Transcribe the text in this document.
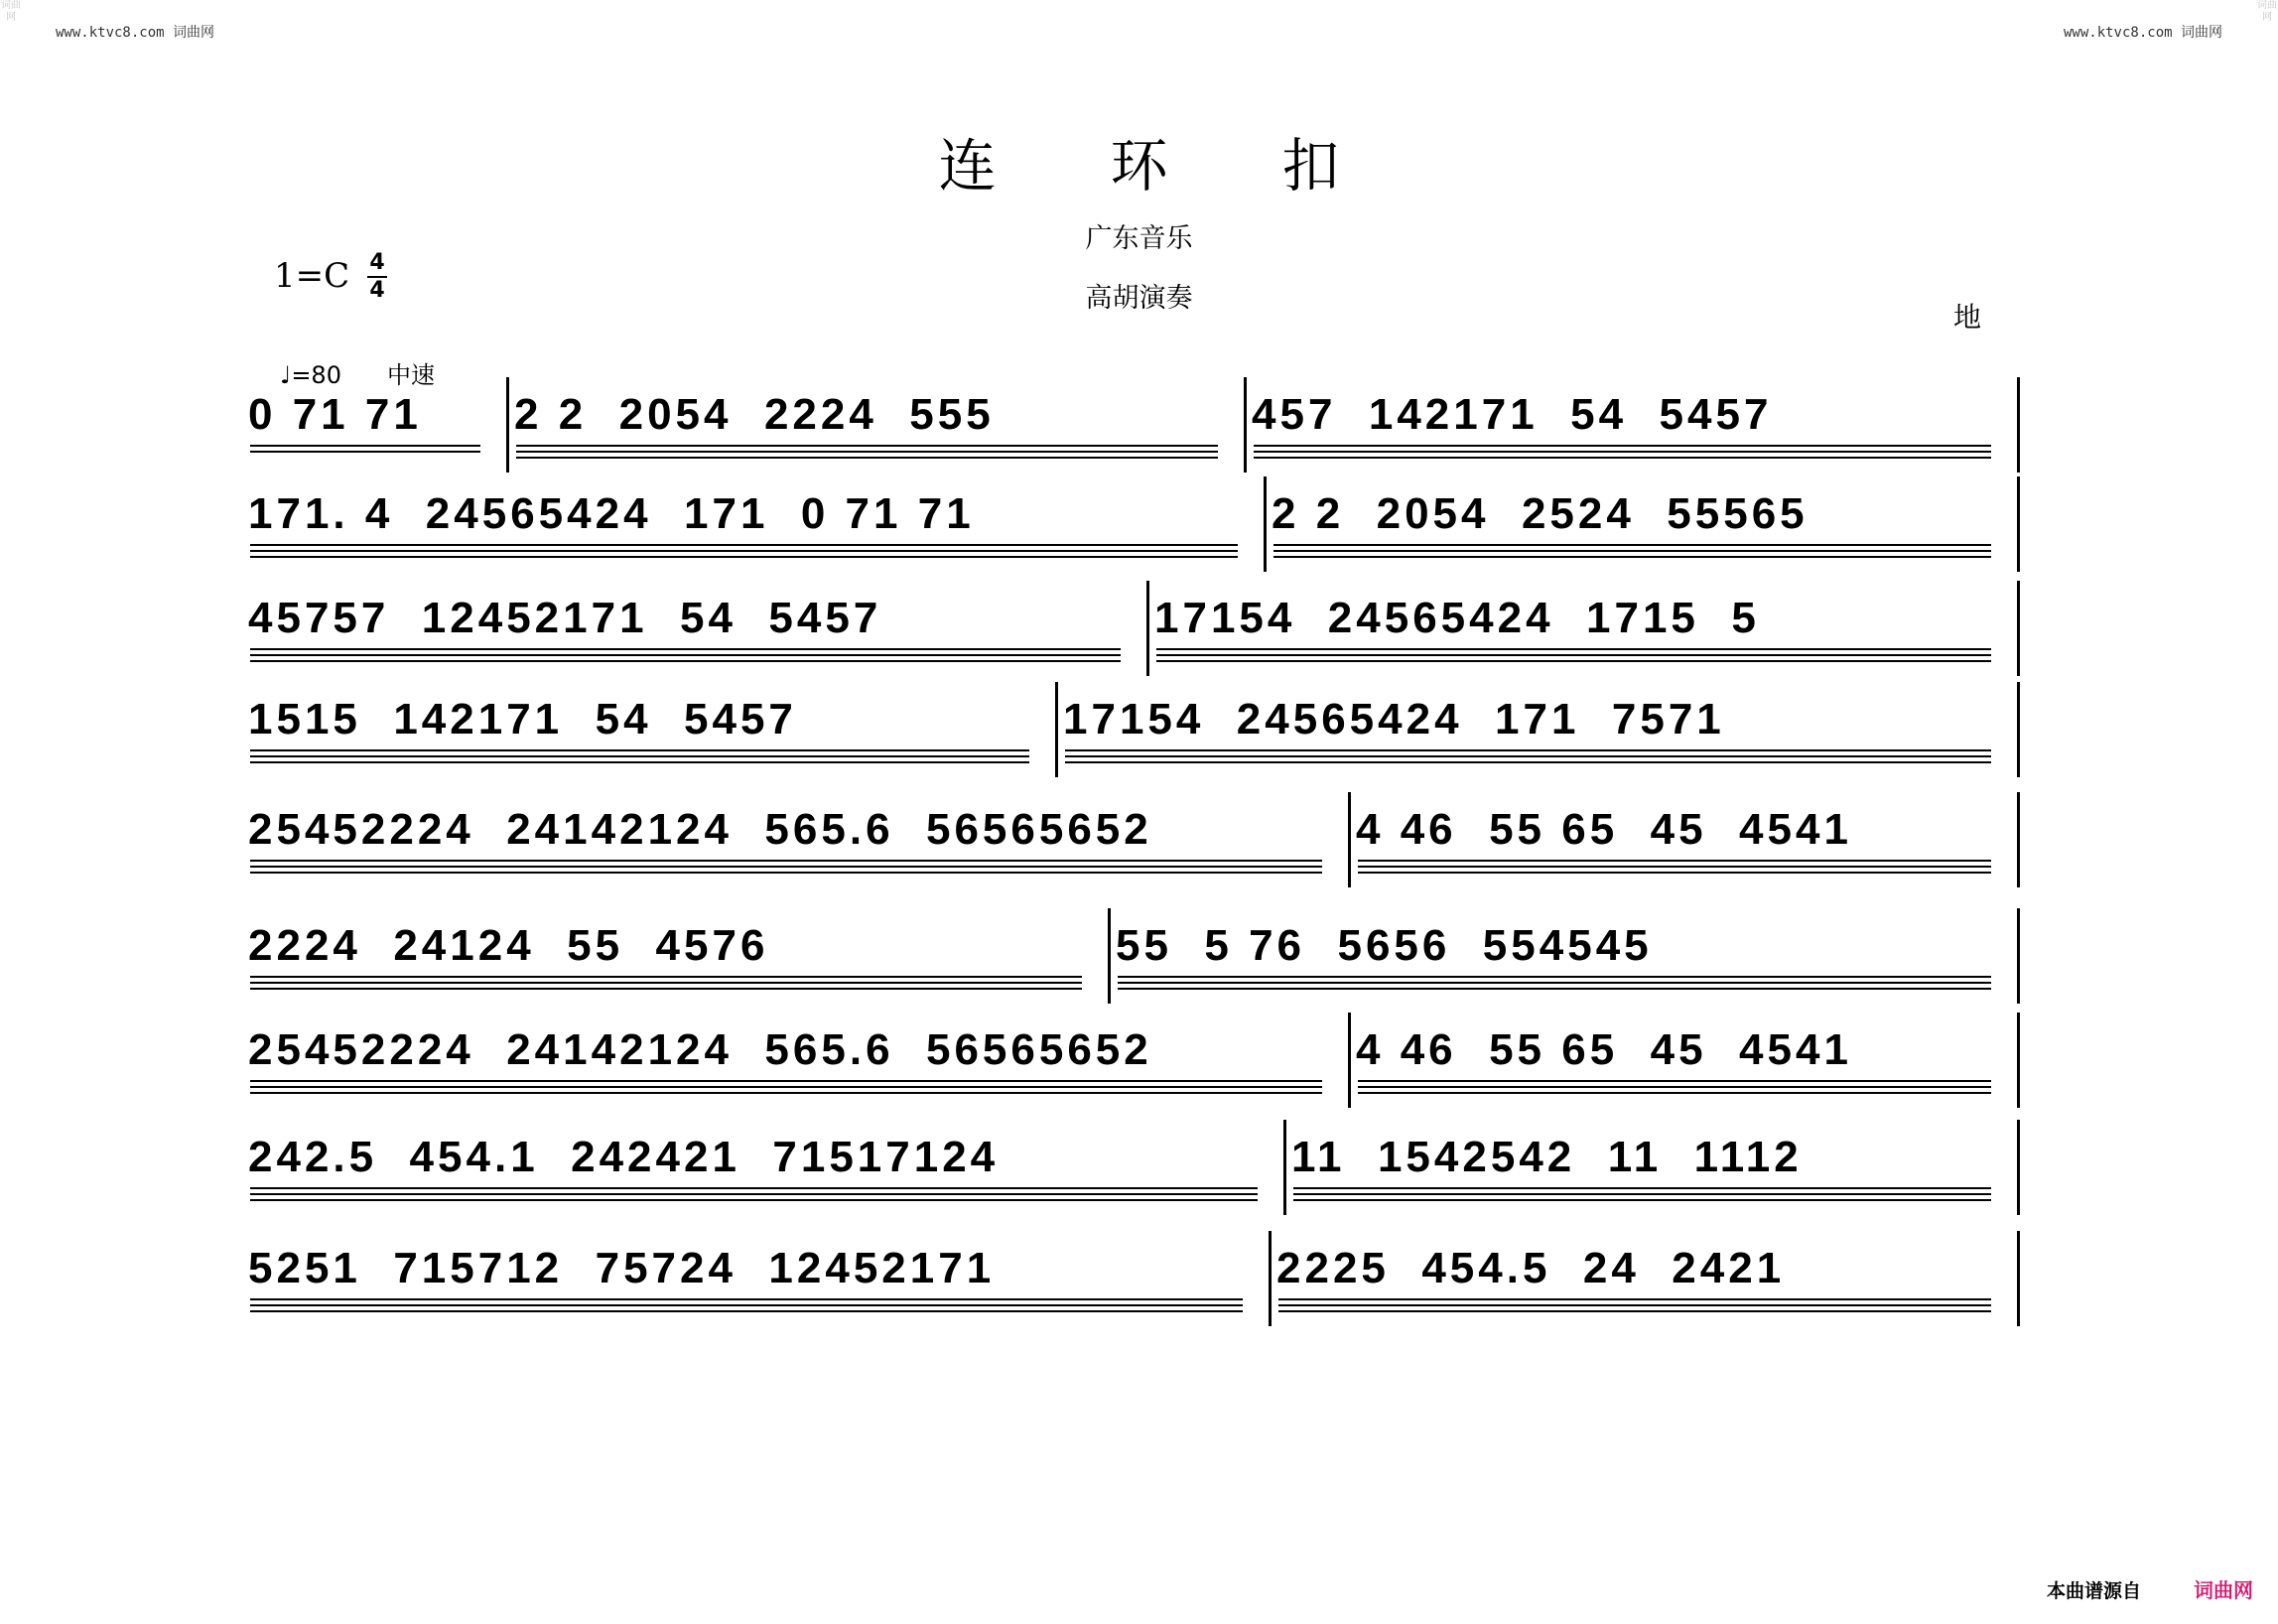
词曲网
词曲网
www.ktvc8.com 词曲网	www.ktvc8.com 词曲网
连环扣
广东音乐
高胡演奏
1=C 4
4
地
♩=80 中速
0 71 71 2 2  2054  2224  555	457  142171  54  5457
171. 4  24565424  171  0 71 71	2 2  2054  2524  55565
45757  12452171  54  5457	17154  24565424  1715  5
1515  142171  54  5457	17154  24565424  171  7571
25452224  24142124  565.6  56565652	4 46  55 65  45  4541
2224  24124  55  4576	55  5 76  5656  554545
25452224  24142124  565.6  56565652	4 46  55 65  45  4541
242.5  454.1  242421  71517124	11  1542542  11  1112
5251  715712  75724  12452171	2225  454.5  24  2421
本曲谱源自	词曲网
